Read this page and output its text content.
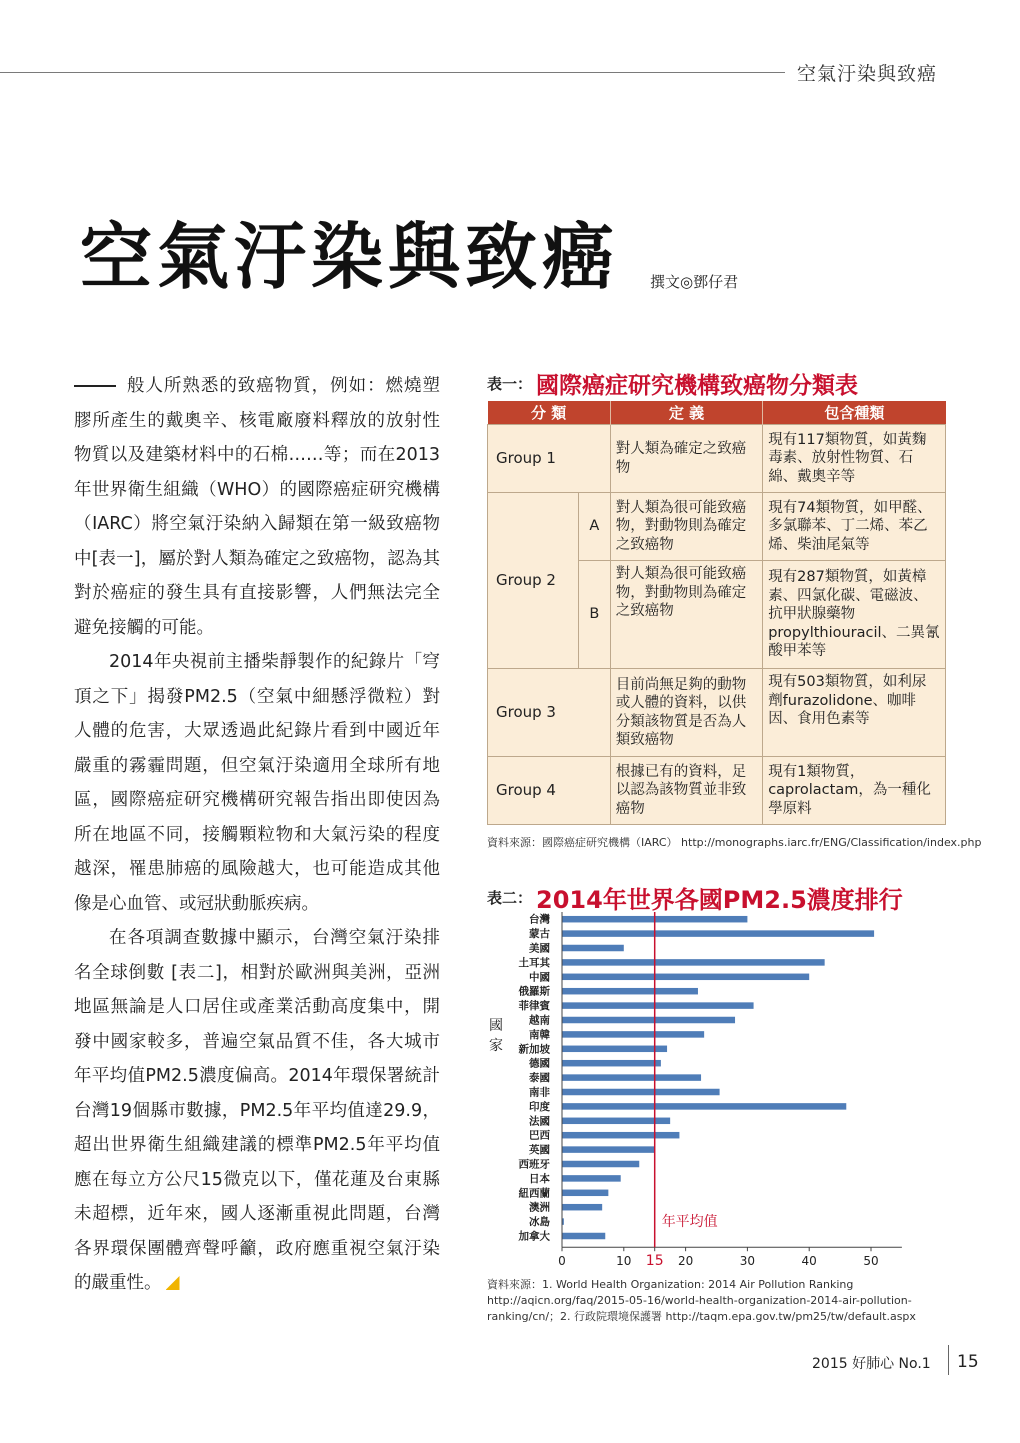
空氣汙染與致癌
空氣汙染與致癌 撰文◎鄧仔君

般人所熟悉的致癌物質，例如：燃燒塑膠所產生的戴奧辛、核電廠廢料釋放的放射性物質以及建築材料中的石棉……等；而在2013年世界衛生組織（WHO）的國際癌症研究機構（IARC）將空氣汙染納入歸類在第一級致癌物中[表一]，屬於對人類為確定之致癌物，認為其對於癌症的發生具有直接影響，人們無法完全避免接觸的可能。

2014年央視前主播柴靜製作的紀錄片「穹頂之下」揭發PM2.5（空氣中細懸浮微粒）對人體的危害，大眾透過此紀錄片看到中國近年嚴重的霧霾問題，但空氣汙染適用全球所有地區，國際癌症研究機構研究報告指出即使因為所在地區不同，接觸顆粒物和大氣污染的程度越深，罹患肺癌的風險越大，也可能造成其他像是心血管、或冠狀動脈疾病。

在各項調查數據中顯示，台灣空氣汙染排名全球倒數 [表二]，相對於歐洲與美洲，亞洲地區無論是人口居住或產業活動高度集中，開發中國家較多，普遍空氣品質不佳，各大城市年平均值PM2.5濃度偏高。2014年環保署統計台灣19個縣市數據，PM2.5年平均值達29.9，超出世界衛生組織建議的標準PM2.5年平均值應在每立方公尺15微克以下，僅花蓮及台東縣未超標，近年來，國人逐漸重視此問題，台灣各界環保團體齊聲呼籲，政府應重視空氣汙染的嚴重性。

表一： 國際癌症研究機構致癌物分類表
分 類		定 義	包含種類
Group 1		對人類為確定之致癌物	現有117類物質，如黃麴毒素、放射性物質、石綿、戴奧辛等
Group 2	A	對人類為很可能致癌物，對動物則為確定之致癌物	現有74類物質，如甲醛、多氯聯苯、丁二烯、苯乙烯、柴油尾氣等
	B	對人類為很可能致癌物，對動物則為確定之致癌物	現有287類物質，如黃樟素、四氯化碳、電磁波、抗甲狀腺藥物propylthiouracil、二異氰酸甲苯等
Group 3		目前尚無足夠的動物或人體的資料，以供分類該物質是否為人類致癌物	現有503類物質，如利尿劑furazolidone、咖啡因、食用色素等
Group 4		根據已有的資料，足以認為該物質並非致癌物	現有1類物質，caprolactam，為一種化學原料
資料來源：國際癌症研究機構（IARC） http://monographs.iarc.fr/ENG/Classification/index.php
表二： 2014年世界各國PM2.5濃度排行
台灣
蒙古
美國
土耳其
中國
俄羅斯
菲律賓
越南
南韓
新加坡
德國
泰國
南非
印度
法國
巴西
英國
西班牙
日本
紐西蘭
澳洲
冰島
加拿大
0	10 15 20	30	40	50
年平均值
國
家
資料來源：1. World Health Organization: 2014 Air Pollution Ranking http://aqicn.org/faq/2015-05-16/world-health-organization-2014-air-pollution-ranking/cn/；2. 行政院環境保護署 http://taqm.epa.gov.tw/pm25/tw/default.aspx
2015 好肺心 No.1 15
